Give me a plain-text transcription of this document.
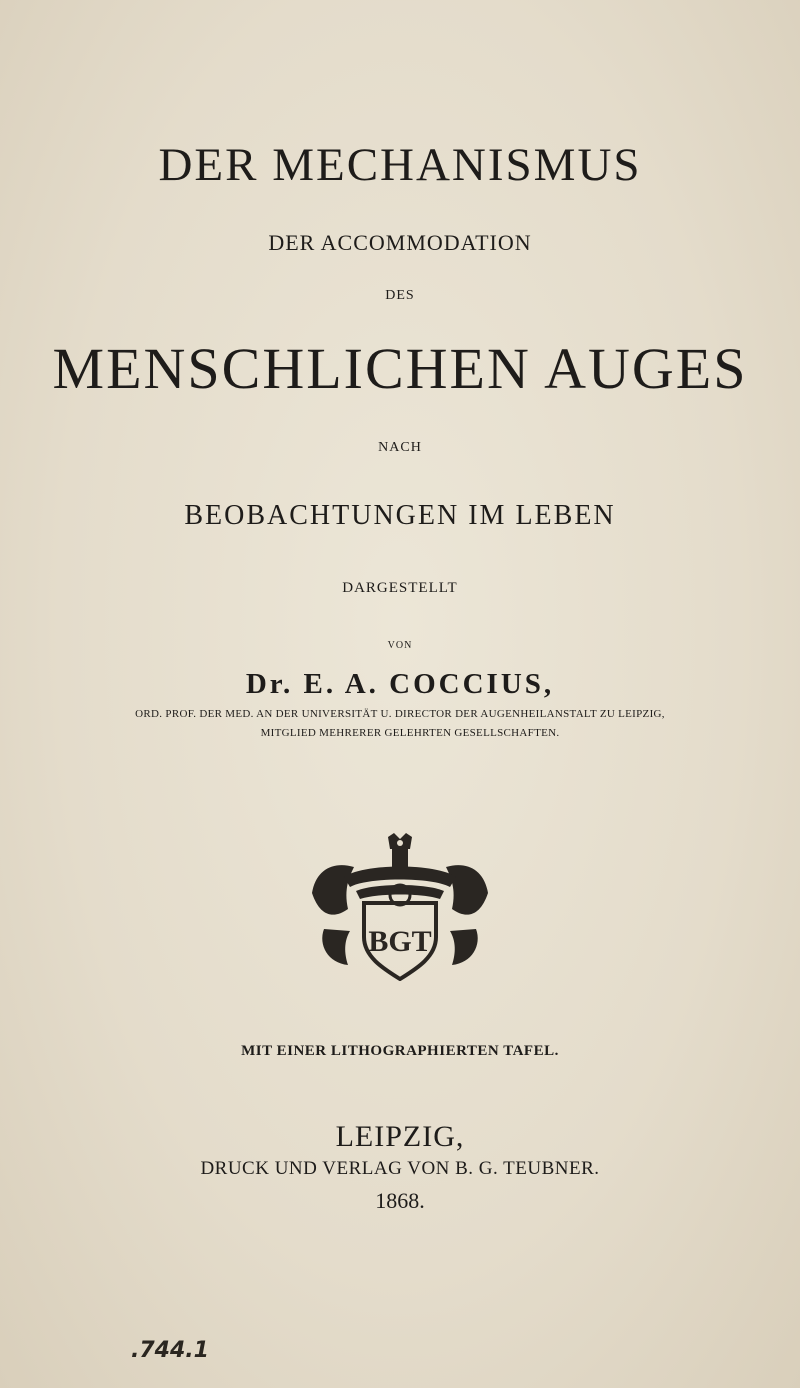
DER MECHANISMUS
DER ACCOMMODATION
DES
MENSCHLICHEN AUGES
NACH
BEOBACHTUNGEN IM LEBEN
DARGESTELLT
VON
Dr. E. A. COCCIUS,
ORD. PROF. DER MED. AN DER UNIVERSITÄT U. DIRECTOR DER AUGENHEILANSTALT ZU LEIPZIG,
MITGLIED MEHRERER GELEHRTEN GESELLSCHAFTEN.
BGT
MIT EINER LITHOGRAPHIERTEN TAFEL.
LEIPZIG,
DRUCK UND VERLAG VON B. G. TEUBNER.
1868.
.744.1
